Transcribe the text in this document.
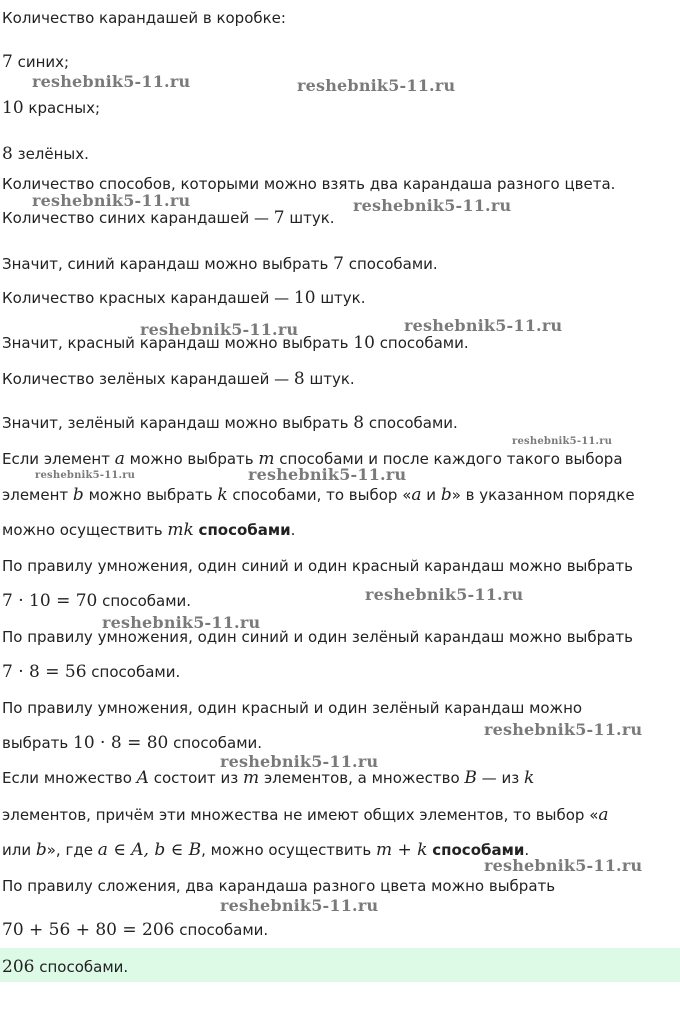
Количество карандашей в коробке:
7 синих;
10 красных;
8 зелёных.
Количество способов, которыми можно взять два карандаша разного цвета.
Количество синих карандашей — 7 штук.
Значит, синий карандаш можно выбрать 7 способами.
Количество красных карандашей — 10 штук.
Значит, красный карандаш можно выбрать 10 способами.
Количество зелёных карандашей — 8 штук.
Значит, зелёный карандаш можно выбрать 8 способами.
Если элемент a можно выбрать m способами и после каждого такого выбора
элемент b можно выбрать k способами, то выбор «a и b» в указанном порядке
можно осуществить mk способами.
По правилу умножения, один синий и один красный карандаш можно выбрать
7 · 10 = 70 способами.
По правилу умножения, один синий и один зелёный карандаш можно выбрать
7 · 8 = 56 способами.
По правилу умножения, один красный и один зелёный карандаш можно
выбрать 10 · 8 = 80 способами.
Если множество A состоит из m элементов, а множество B — из k
элементов, причём эти множества не имеют общих элементов, то выбор «a
или b», где a ∈ A, b ∈ B, можно осуществить m + k способами.
По правилу сложения, два карандаша разного цвета можно выбрать
70 + 56 + 80 = 206 способами.
206 способами.
reshebnik5-11.ru	reshebnik5-11.ru
reshebnik5-11.ru	reshebnik5-11.ru
reshebnik5-11.ru	reshebnik5-11.ru
reshebnik5-11.ru
reshebnik5-11.ru	reshebnik5-11.ru
reshebnik5-11.ru
reshebnik5-11.ru
reshebnik5-11.ru
reshebnik5-11.ru
reshebnik5-11.ru
reshebnik5-11.ru
